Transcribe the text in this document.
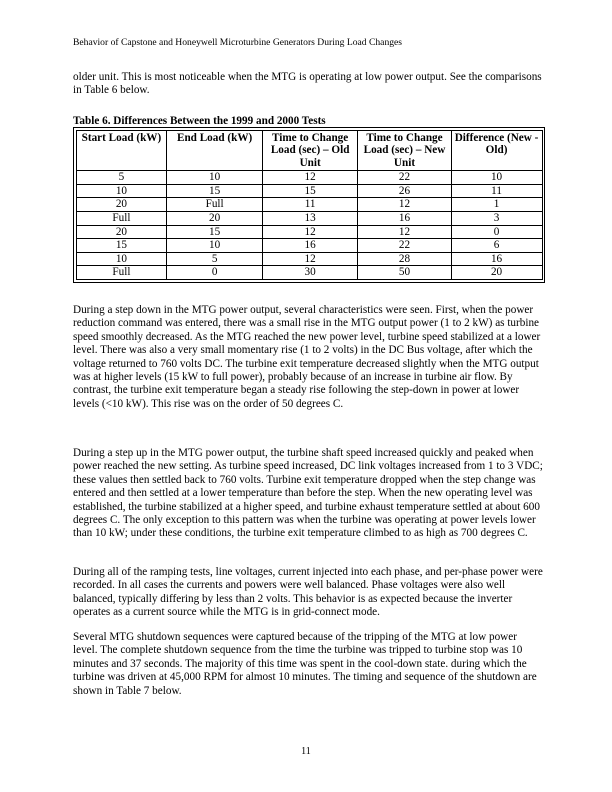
Behavior of Capstone and Honeywell Microturbine Generators During Load Changes

older unit. This is most noticeable when the MTG is operating at low power output. See the comparisons in Table 6 below.

Table 6. Differences Between the 1999 and 2000 Tests
Start Load (kW)	End Load (kW)	Time to Change Load (sec) – Old Unit	Time to Change Load (sec) – New Unit	Difference (New - Old)
5	10	12	22	10
10	15	15	26	11
20	Full	11	12	1
Full	20	13	16	3
20	15	12	12	0
15	10	16	22	6
10	5	12	28	16
Full	0	30	50	20

During a step down in the MTG power output, several characteristics were seen. First, when the power reduction command was entered, there was a small rise in the MTG output power (1 to 2 kW) as turbine speed smoothly decreased. As the MTG reached the new power level, turbine speed stabilized at a lower level. There was also a very small momentary rise (1 to 2 volts) in the DC Bus voltage, after which the voltage returned to 760 volts DC. The turbine exit temperature decreased slightly when the MTG output was at higher levels (15 kW to full power), probably because of an increase in turbine air flow. By contrast, the turbine exit temperature began a steady rise following the step-down in power at lower levels (<10 kW). This rise was on the order of 50 degrees C.

During a step up in the MTG power output, the turbine shaft speed increased quickly and peaked when power reached the new setting. As turbine speed increased, DC link voltages increased from 1 to 3 VDC; these values then settled back to 760 volts. Turbine exit temperature dropped when the step change was entered and then settled at a lower temperature than before the step. When the new operating level was established, the turbine stabilized at a higher speed, and turbine exhaust temperature settled at about 600 degrees C. The only exception to this pattern was when the turbine was operating at power levels lower than 10 kW; under these conditions, the turbine exit temperature climbed to as high as 700 degrees C.

During all of the ramping tests, line voltages, current injected into each phase, and per-phase power were recorded. In all cases the currents and powers were well balanced. Phase voltages were also well balanced, typically differing by less than 2 volts. This behavior is as expected because the inverter operates as a current source while the MTG is in grid-connect mode.

Several MTG shutdown sequences were captured because of the tripping of the MTG at low power level. The complete shutdown sequence from the time the turbine was tripped to turbine stop was 10 minutes and 37 seconds. The majority of this time was spent in the cool-down state. during which the turbine was driven at 45,000 RPM for almost 10 minutes. The timing and sequence of the shutdown are shown in Table 7 below.

11
